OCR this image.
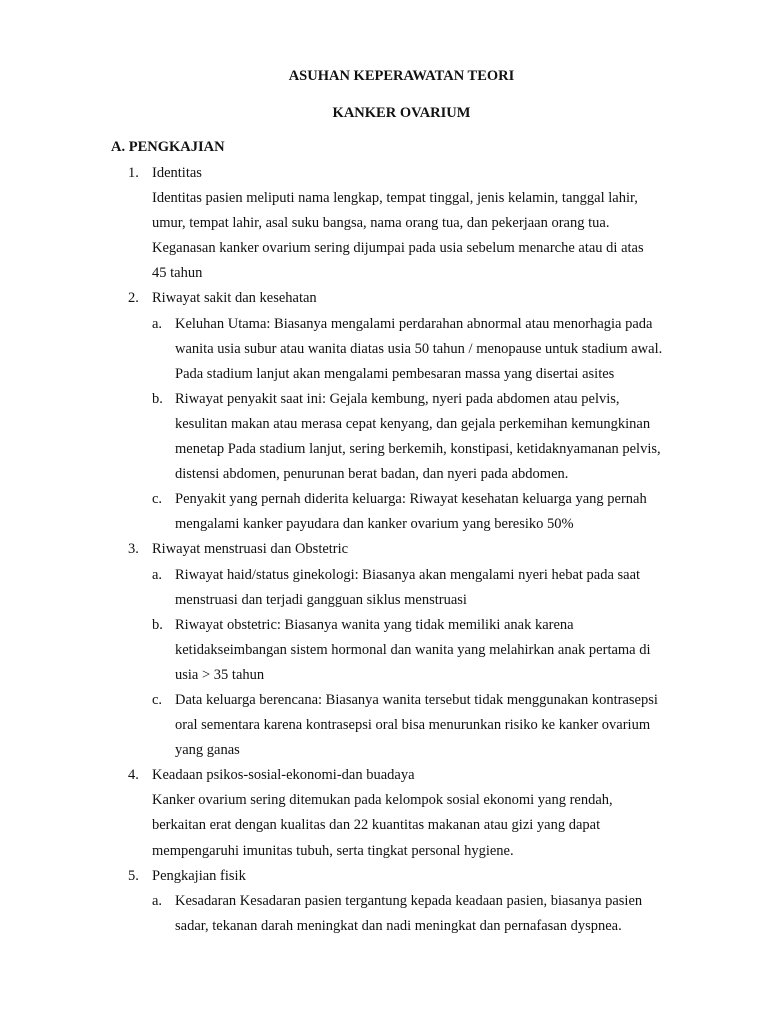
ASUHAN KEPERAWATAN TEORI
KANKER OVARIUM
A. PENGKAJIAN
1. Identitas
Identitas pasien meliputi nama lengkap, tempat tinggal, jenis kelamin, tanggal lahir,
umur, tempat lahir, asal suku bangsa, nama orang tua, dan pekerjaan orang tua.
Keganasan kanker ovarium sering dijumpai pada usia sebelum menarche atau di atas
45 tahun
2. Riwayat sakit dan kesehatan
a. Keluhan Utama: Biasanya mengalami perdarahan abnormal atau menorhagia pada
wanita usia subur atau wanita diatas usia 50 tahun / menopause untuk stadium awal.
Pada stadium lanjut akan mengalami pembesaran massa yang disertai asites
b. Riwayat penyakit saat ini: Gejala kembung, nyeri pada abdomen atau pelvis,
kesulitan makan atau merasa cepat kenyang, dan gejala perkemihan kemungkinan
menetap Pada stadium lanjut, sering berkemih, konstipasi, ketidaknyamanan pelvis,
distensi abdomen, penurunan berat badan, dan nyeri pada abdomen.
c. Penyakit yang pernah diderita keluarga: Riwayat kesehatan keluarga yang pernah
mengalami kanker payudara dan kanker ovarium yang beresiko 50%
3. Riwayat menstruasi dan Obstetric
a. Riwayat haid/status ginekologi: Biasanya akan mengalami nyeri hebat pada saat
menstruasi dan terjadi gangguan siklus menstruasi
b. Riwayat obstetric: Biasanya wanita yang tidak memiliki anak karena
ketidakseimbangan sistem hormonal dan wanita yang melahirkan anak pertama di
usia > 35 tahun
c. Data keluarga berencana: Biasanya wanita tersebut tidak menggunakan kontrasepsi
oral sementara karena kontrasepsi oral bisa menurunkan risiko ke kanker ovarium
yang ganas
4. Keadaan psikos-sosial-ekonomi-dan buadaya
Kanker ovarium sering ditemukan pada kelompok sosial ekonomi yang rendah,
berkaitan erat dengan kualitas dan 22 kuantitas makanan atau gizi yang dapat
mempengaruhi imunitas tubuh, serta tingkat personal hygiene.
5. Pengkajian fisik
a. Kesadaran Kesadaran pasien tergantung kepada keadaan pasien, biasanya pasien
sadar, tekanan darah meningkat dan nadi meningkat dan pernafasan dyspnea.
